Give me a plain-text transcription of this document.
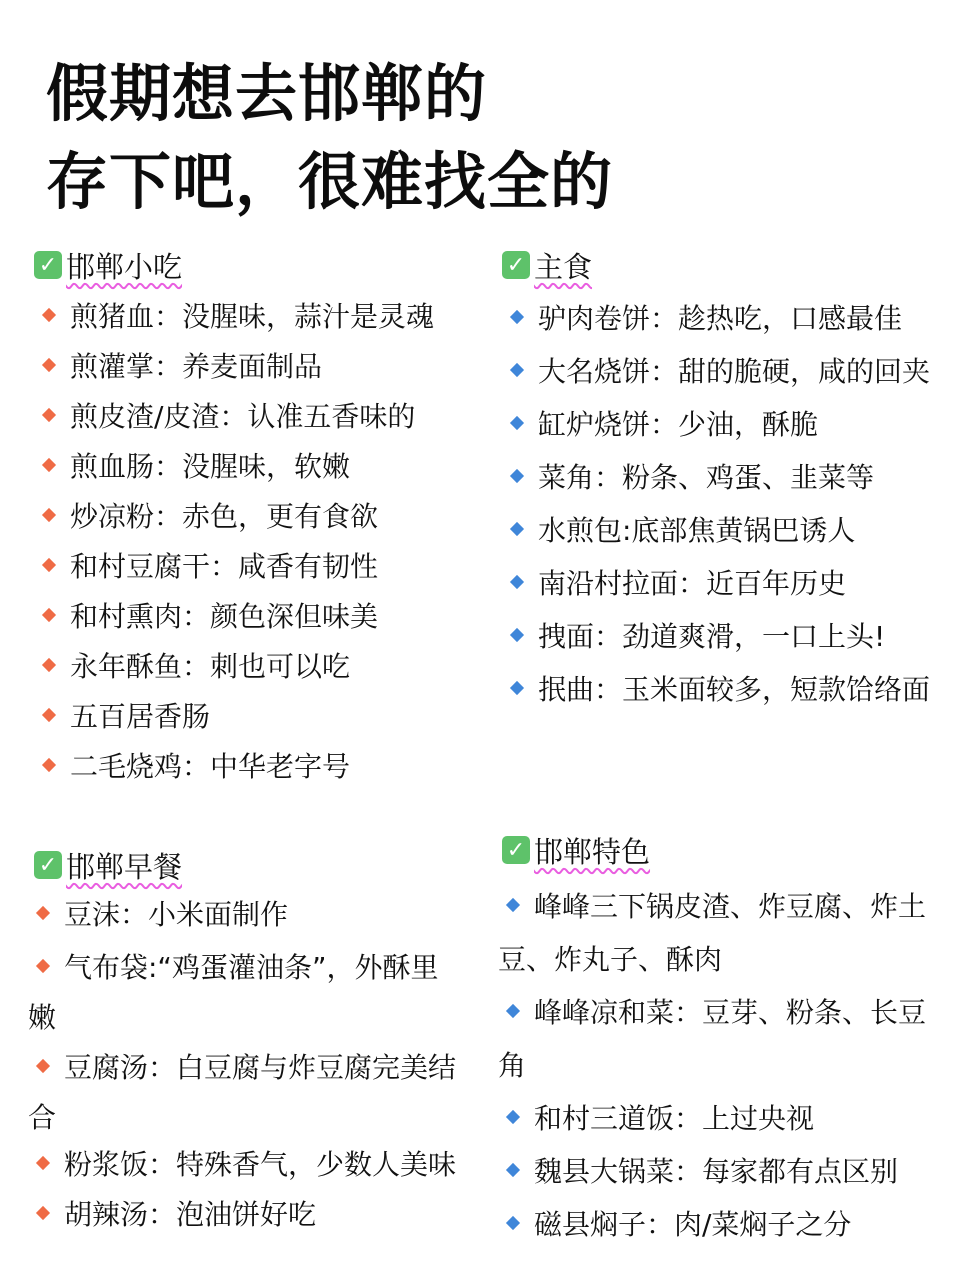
假期想去邯郸的
存下吧，很难找全的
✓ 邯郸小吃
煎猪血：没腥味，蒜汁是灵魂
煎灌掌：养麦面制品
煎皮渣/皮渣：认准五香味的
煎血肠：没腥味，软嫩
炒凉粉：赤色，更有食欲
和村豆腐干：咸香有韧性
和村熏肉：颜色深但味美
永年酥鱼：刺也可以吃
五百居香肠
二毛烧鸡：中华老字号
✓ 主食
驴肉卷饼：趁热吃，口感最佳
大名烧饼：甜的脆硬，咸的回夹
缸炉烧饼：少油，酥脆
菜角：粉条、鸡蛋、韭菜等
水煎包:底部焦黄锅巴诱人
南沿村拉面：近百年历史
拽面：劲道爽滑，一口上头!
抿曲：玉米面较多，短款饸络面
✓ 邯郸早餐
豆沫：小米面制作
气布袋:“鸡蛋灌油条”，外酥里嫩
豆腐汤：白豆腐与炸豆腐完美结合
粉浆饭：特殊香气，少数人美味
胡辣汤：泡油饼好吃
✓ 邯郸特色
峰峰三下锅皮渣、炸豆腐、炸土豆、炸丸子、酥肉
峰峰凉和菜：豆芽、粉条、长豆角
和村三道饭：上过央视
魏县大锅菜：每家都有点区别
磁县焖子：肉/菜焖子之分
